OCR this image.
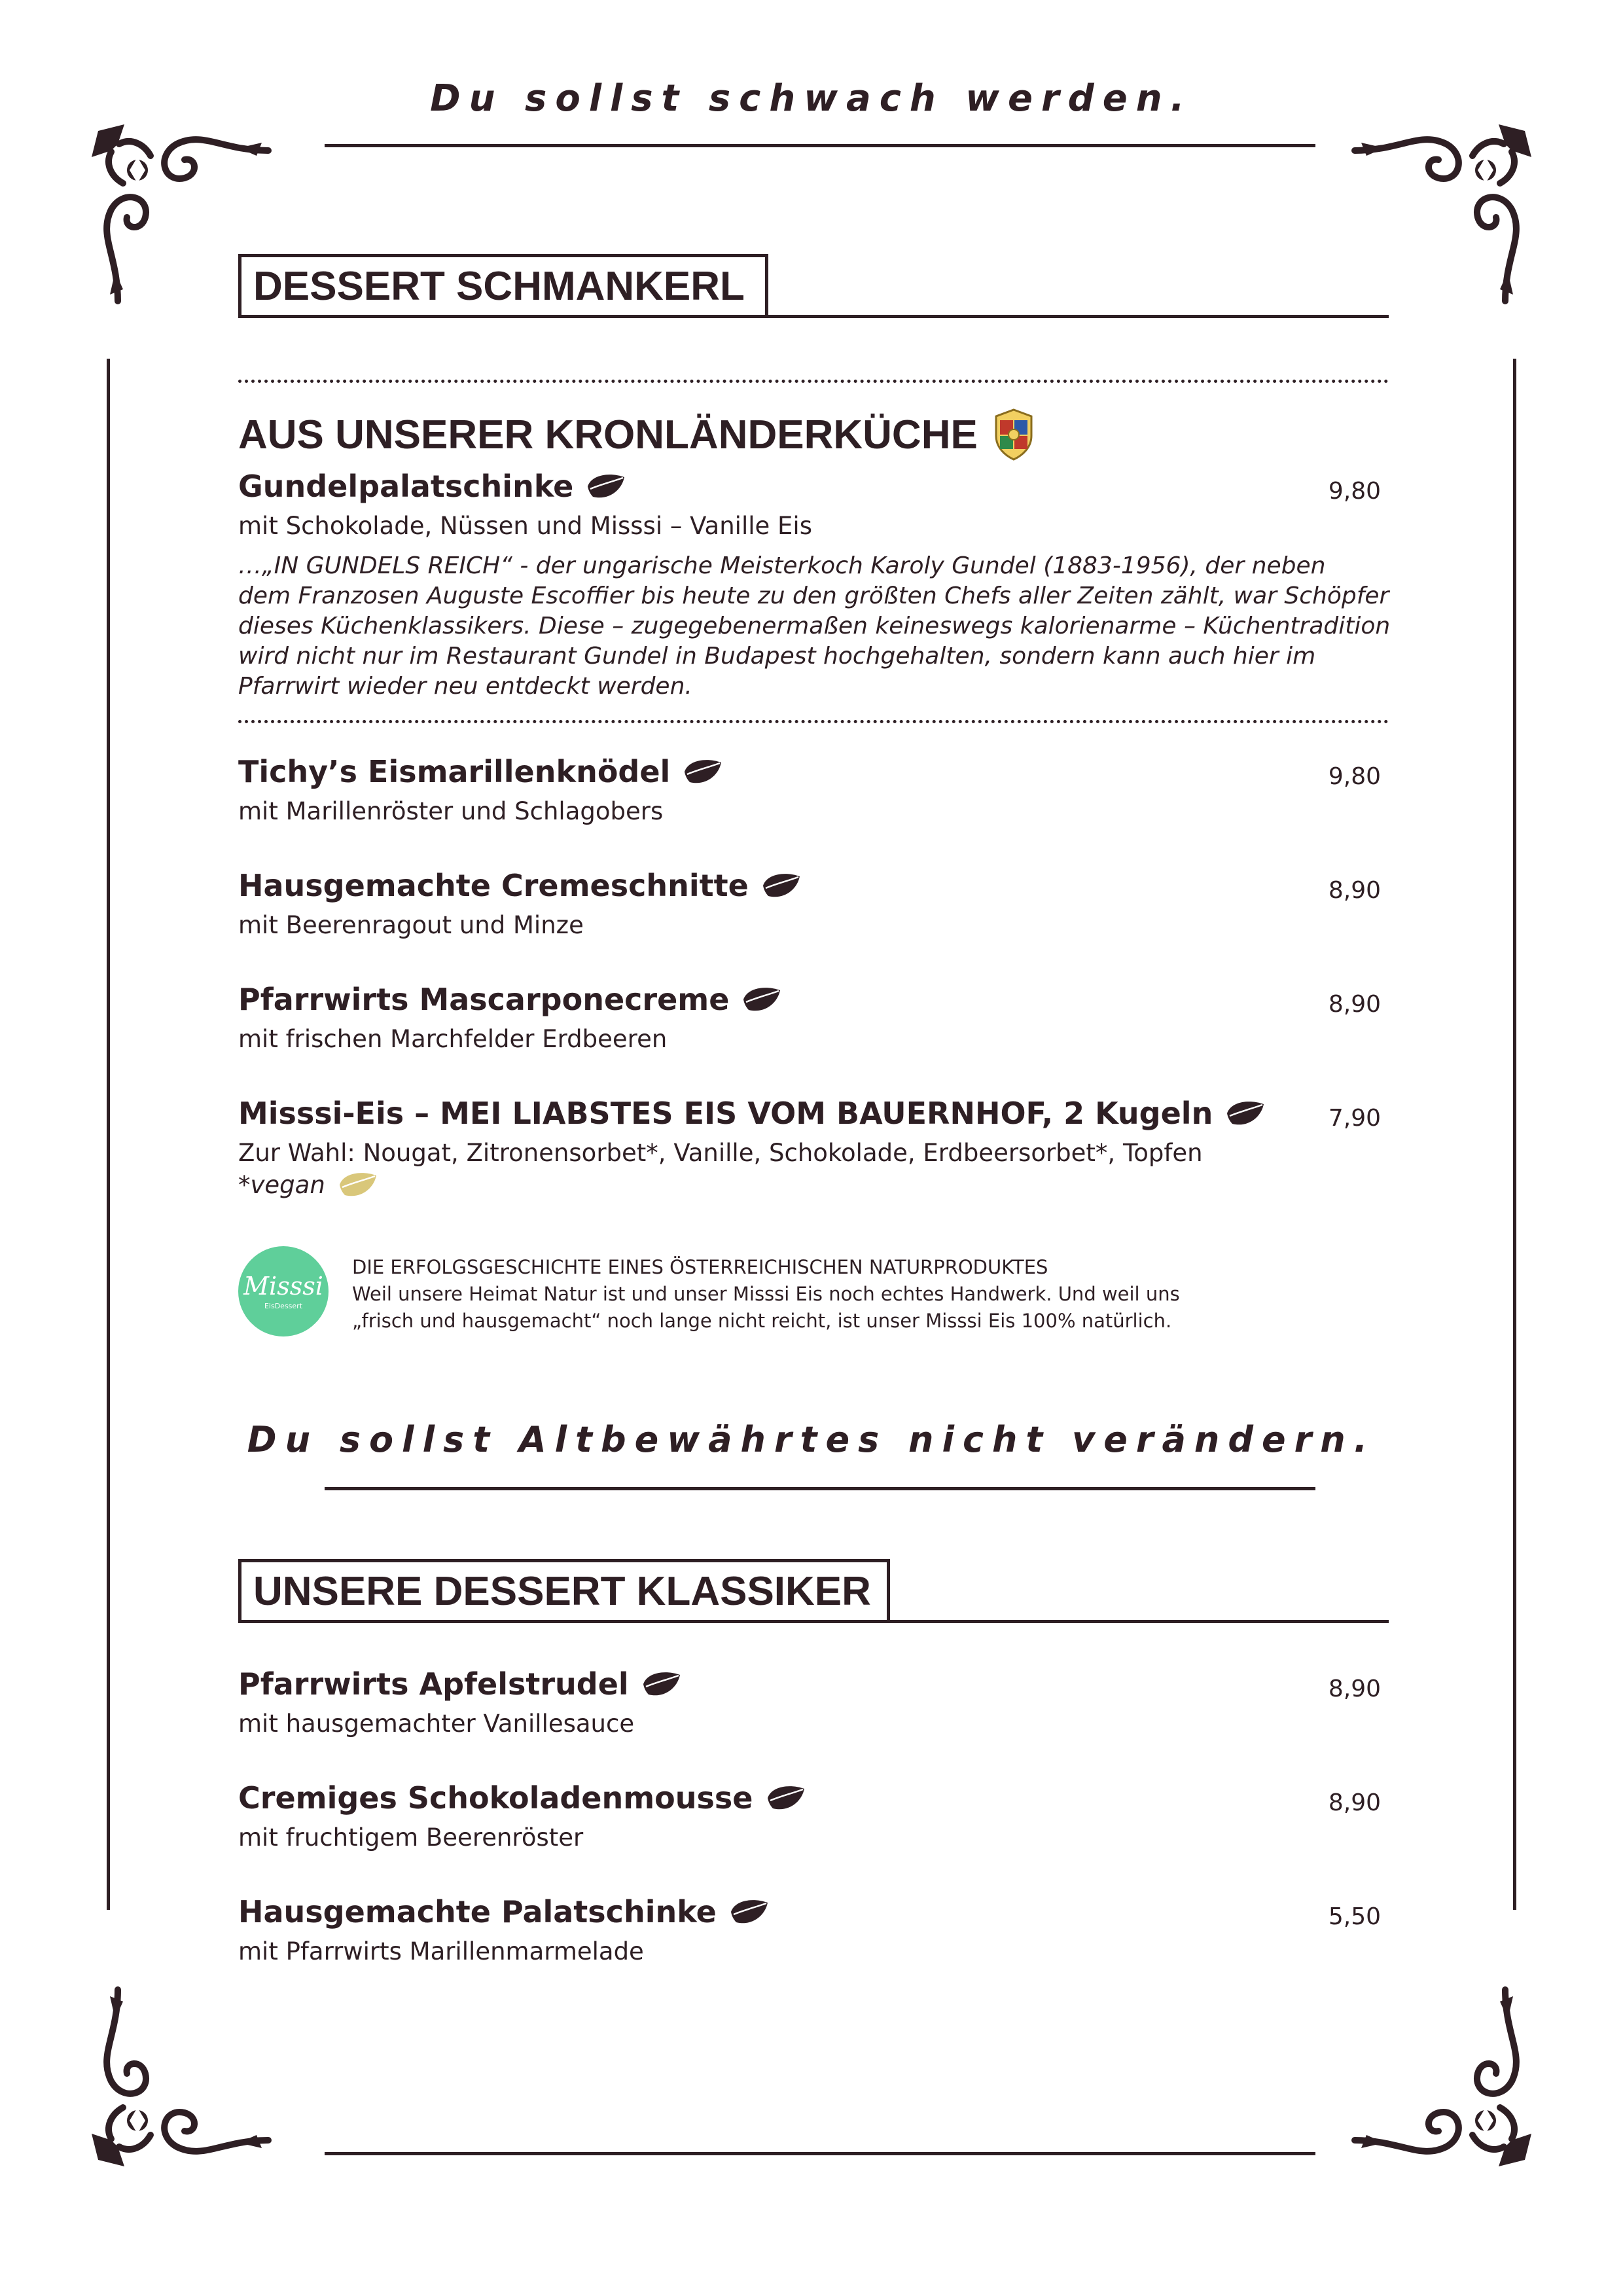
Du sollst schwach werden.
DESSERT SCHMANKERL
AUS UNSERER KRONLÄNDERKÜCHE
Gundelpalatschinke	9,80
mit Schokolade, Nüssen und Misssi – Vanille Eis
…„IN GUNDELS REICH“ - der ungarische Meisterkoch Karoly Gundel (1883-1956), der neben
dem Franzosen Auguste Escoffier bis heute zu den größten Chefs aller Zeiten zählt, war Schöpfer
dieses Küchenklassikers. Diese – zugegebenermaßen keineswegs kalorienarme – Küchentradition
wird nicht nur im Restaurant Gundel in Budapest hochgehalten, sondern kann auch hier im
Pfarrwirt wieder neu entdeckt werden.
Tichy’s Eismarillenknödel	9,80
mit Marillenröster und Schlagobers
Hausgemachte Cremeschnitte	8,90
mit Beerenragout und Minze
Pfarrwirts Mascarponecreme	8,90
mit frischen Marchfelder Erdbeeren
Misssi-Eis – MEI LIABSTES EIS VOM BAUERNHOF, 2 Kugeln	7,90
Zur Wahl: Nougat, Zitronensorbet*, Vanille, Schokolade, Erdbeersorbet*, Topfen
*vegan
Misssi
EisDessert
DIE ERFOLGSGESCHICHTE EINES ÖSTERREICHISCHEN NATURPRODUKTES
Weil unsere Heimat Natur ist und unser Misssi Eis noch echtes Handwerk. Und weil uns
„frisch und hausgemacht“ noch lange nicht reicht, ist unser Misssi Eis 100% natürlich.
Du sollst Altbewährtes nicht verändern.
UNSERE DESSERT KLASSIKER
Pfarrwirts Apfelstrudel	8,90
mit hausgemachter Vanillesauce
Cremiges Schokoladenmousse	8,90
mit fruchtigem Beerenröster
Hausgemachte Palatschinke	5,50
mit Pfarrwirts Marillenmarmelade
